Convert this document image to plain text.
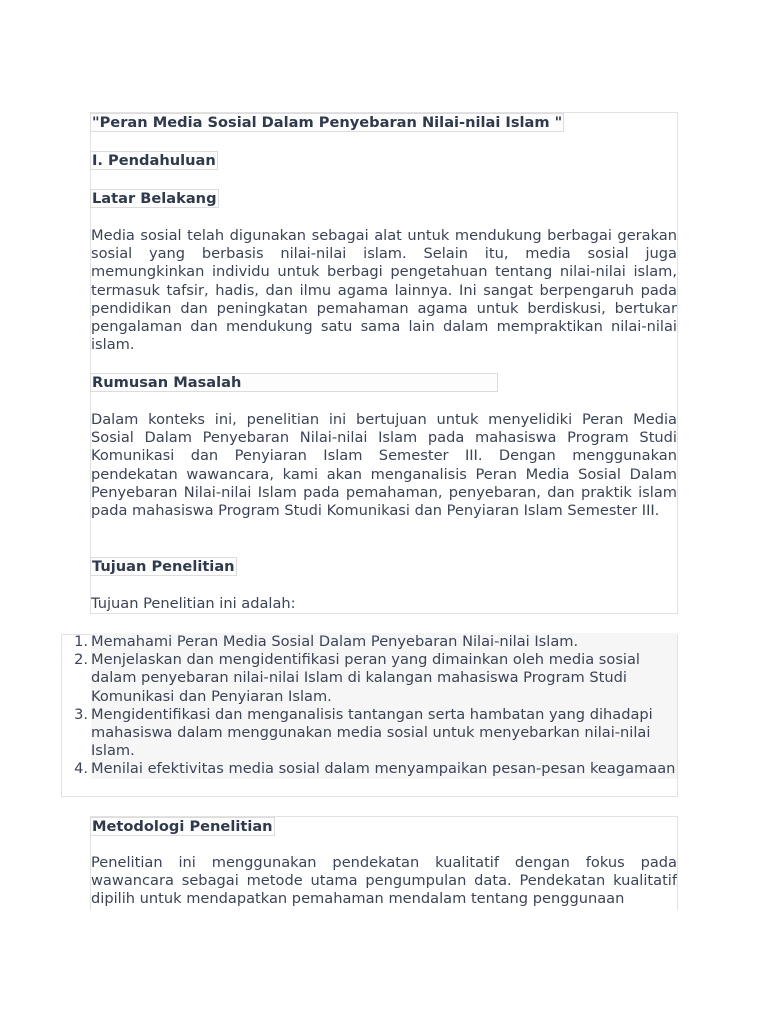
"Peran Media Sosial Dalam Penyebaran Nilai-nilai Islam "
I. Pendahuluan
Latar Belakang

Media sosial telah digunakan sebagai alat untuk mendukung berbagai gerakan sosial yang berbasis nilai-nilai islam. Selain itu, media sosial juga memungkinkan individu untuk berbagi pengetahuan tentang nilai-nilai islam, termasuk tafsir, hadis, dan ilmu agama lainnya. Ini sangat berpengaruh pada pendidikan dan peningkatan pemahaman agama untuk berdiskusi, bertukar pengalaman dan mendukung satu sama lain dalam mempraktikan nilai-nilai islam.

Rumusan Masalah

Dalam konteks ini, penelitian ini bertujuan untuk menyelidiki Peran Media Sosial Dalam Penyebaran Nilai-nilai Islam pada mahasiswa Program Studi Komunikasi dan Penyiaran Islam Semester III. Dengan menggunakan pendekatan wawancara, kami akan menganalisis Peran Media Sosial Dalam Penyebaran Nilai-nilai Islam pada pemahaman, penyebaran, dan praktik islam pada mahasiswa Program Studi Komunikasi dan Penyiaran Islam Semester III.

Tujuan Penelitian

Tujuan Penelitian ini adalah:

1. Memahami Peran Media Sosial Dalam Penyebaran Nilai-nilai Islam.
2. Menjelaskan dan mengidentifikasi peran yang dimainkan oleh media sosial dalam penyebaran nilai-nilai Islam di kalangan mahasiswa Program Studi Komunikasi dan Penyiaran Islam.
3. Mengidentifikasi dan menganalisis tantangan serta hambatan yang dihadapi mahasiswa dalam menggunakan media sosial untuk menyebarkan nilai-nilai Islam.
4. Menilai efektivitas media sosial dalam menyampaikan pesan-pesan keagamaan
Metodologi Penelitian

Penelitian ini menggunakan pendekatan kualitatif dengan fokus pada wawancara sebagai metode utama pengumpulan data. Pendekatan kualitatif dipilih untuk mendapatkan pemahaman mendalam tentang penggunaan
